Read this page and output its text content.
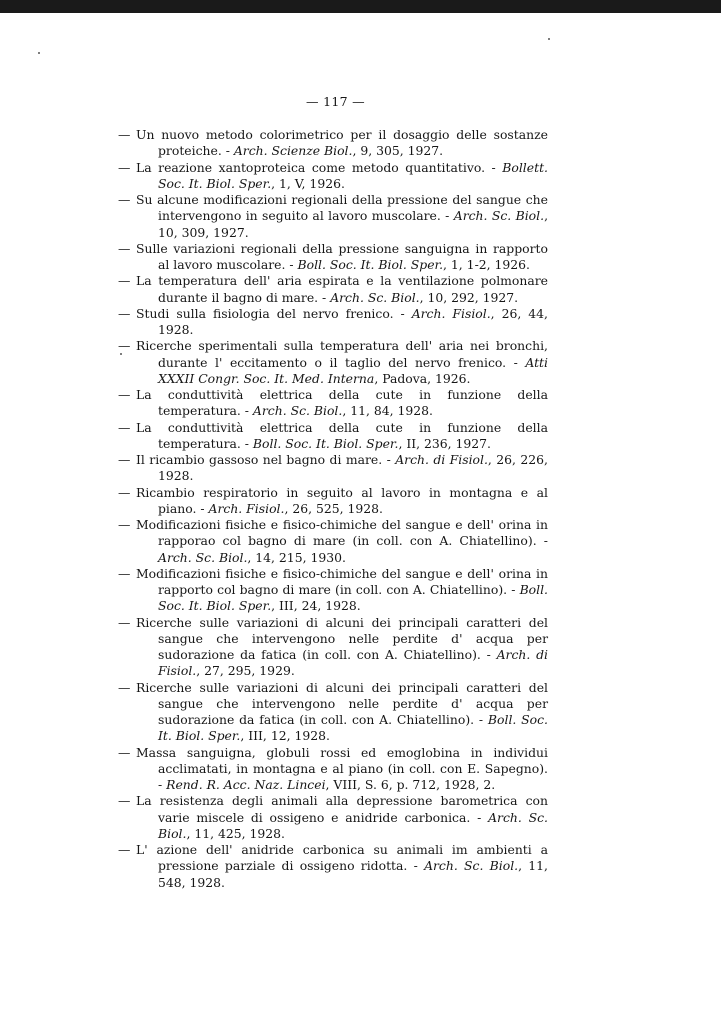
— 117 —
— Un nuovo metodo colorimetrico per il dosaggio delle sostanze proteiche. - Arch. Scienze Biol., 9, 305, 1927.
— La reazione xantoproteica come metodo quantitativo. - Bollett. Soc. It. Biol. Sper., 1, V, 1926.
— Su alcune modificazioni regionali della pressione del sangue che intervengono in seguito al lavoro muscolare. - Arch. Sc. Biol., 10, 309, 1927.
— Sulle variazioni regionali della pressione sanguigna in rapporto al lavoro muscolare. - Boll. Soc. It. Biol. Sper., 1, 1-2, 1926.
— La temperatura dell' aria espirata e la ventilazione polmonare durante il bagno di mare. - Arch. Sc. Biol., 10, 292, 1927.
— Studi sulla fisiologia del nervo frenico. - Arch. Fisiol., 26, 44, 1928.
— Ricerche sperimentali sulla temperatura dell' aria nei bronchi, durante l' eccitamento o il taglio del nervo frenico. - Atti XXXII Congr. Soc. It. Med. Interna, Padova, 1926.
— La conduttività elettrica della cute in funzione della temperatura. - Arch. Sc. Biol., 11, 84, 1928.
— La conduttività elettrica della cute in funzione della temperatura. - Boll. Soc. It. Biol. Sper., II, 236, 1927.
— Il ricambio gassoso nel bagno di mare. - Arch. di Fisiol., 26, 226, 1928.
— Ricambio respiratorio in seguito al lavoro in montagna e al piano. - Arch. Fisiol., 26, 525, 1928.
— Modificazioni fisiche e fisico-chimiche del sangue e dell' orina in rapporao col bagno di mare (in coll. con A. Chiatellino). - Arch. Sc. Biol., 14, 215, 1930.
— Modificazioni fisiche e fisico-chimiche del sangue e dell' orina in rapporto col bagno di mare (in coll. con A. Chiatellino). - Boll. Soc. It. Biol. Sper., III, 24, 1928.
— Ricerche sulle variazioni di alcuni dei principali caratteri del sangue che intervengono nelle perdite d' acqua per sudorazione da fatica (in coll. con A. Chiatellino). - Arch. di Fisiol., 27, 295, 1929.
— Ricerche sulle variazioni di alcuni dei principali caratteri del sangue che intervengono nelle perdite d' acqua per sudorazione da fatica (in coll. con A. Chiatellino). - Boll. Soc. It. Biol. Sper., III, 12, 1928.
— Massa sanguigna, globuli rossi ed emoglobina in individui acclimatati, in montagna e al piano (in coll. con E. Sapegno). - Rend. R. Acc. Naz. Lincei, VIII, S. 6, p. 712, 1928, 2.
— La resistenza degli animali alla depressione barometrica con varie miscele di ossigeno e anidride carbonica. - Arch. Sc. Biol., 11, 425, 1928.
— L' azione dell' anidride carbonica su animali im ambienti a pressione parziale di ossigeno ridotta. - Arch. Sc. Biol., 11, 548, 1928.
